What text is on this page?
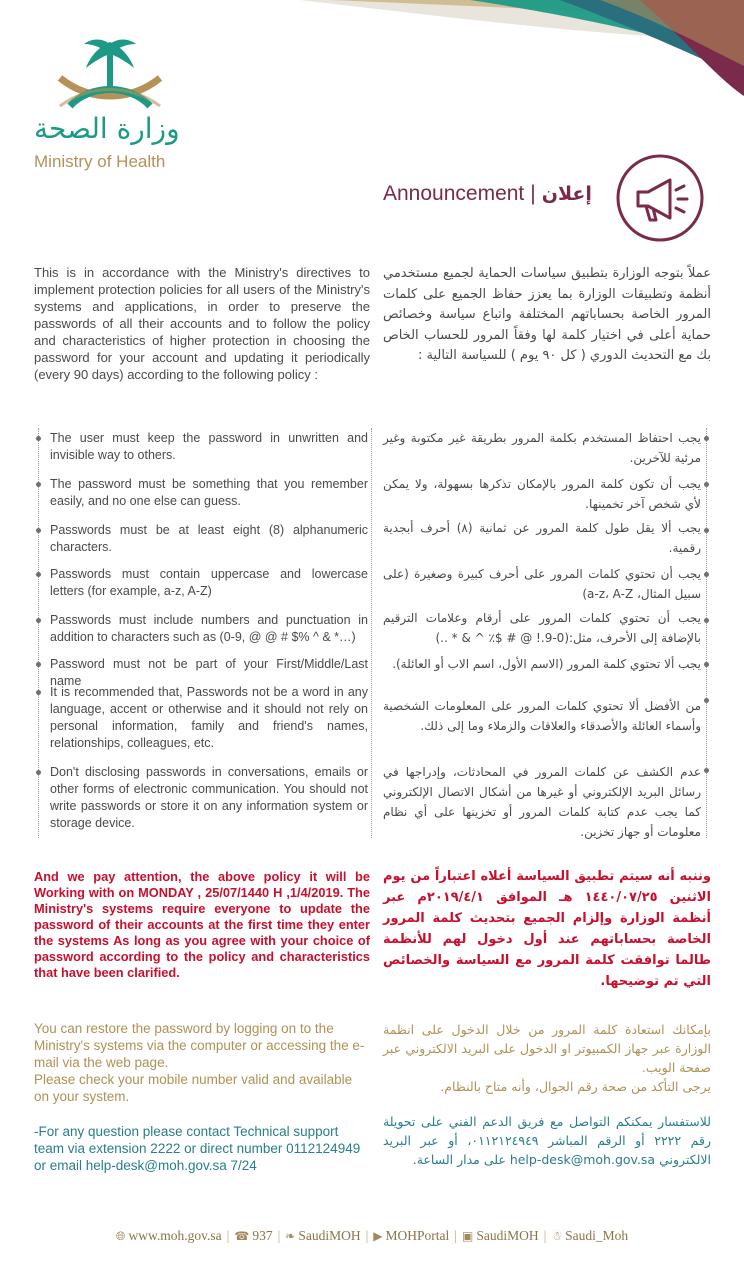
وزارة الصحة
Ministry of Health
Announcement | إعلان

This is in accordance with the Ministry's directives to implement protection policies for all users of the Ministry's systems and applications, in order to preserve the passwords of all their accounts and to follow the policy and characteristics of higher protection in choosing the password for your account and updating it periodically (every 90 days) according to the following policy :

عملاً بتوجه الوزارة بتطبيق سياسات الحماية لجميع مستخدمي أنظمة وتطبيقات الوزارة بما يعزز حفاظ الجميع على كلمات المرور الخاصة بحساباتهم المختلفة واتباع سياسة وخصائص حماية أعلى في اختيار كلمة لها وفقاً المرور للحساب الخاص بك مع التحديث الدوري ( كل ٩٠ يوم ) للسياسة التالية :

The user must keep the password in unwritten and invisible way to others.

يجب احتفاظ المستخدم بكلمة المرور بطريقة غير مكتوبة وغير مرئية للآخرين.

The password must be something that you remember easily, and no one else can guess.

يجب أن تكون كلمة المرور بالإمكان تذكرها بسهولة، ولا يمكن لأي شخص آخر تخمينها.

Passwords must be at least eight (8) alphanumeric characters.

يجب ألا يقل طول كلمة المرور عن ثمانية (٨) أحرف أبجدية رقمية.

Passwords must contain uppercase and lowercase letters (for example, a-z, A-Z)

يجب أن تحتوي كلمات المرور على أحرف كبيرة وصغيرة (على سبيل المثال، a-z، A-Z)

Passwords must include numbers and punctuation in addition to characters such as (0-9, @ @ # $% ^ & *…)

يجب أن تحتوي كلمات المرور على أرقام وعلامات الترقيم بالإضافة إلى الأحرف، مثل:(0-9.! @ # $٪ ^ & * ..)

Password must not be part of your First/Middle/Last name

يجب ألا تحتوي كلمة المرور (الاسم الأول، اسم الاب أو العائلة).

It is recommended that, Passwords not be a word in any language, accent or otherwise and it should not rely on personal information, family and friend's names, relationships, colleagues, etc.

من الأفضل ألا تحتوي كلمات المرور على المعلومات الشخصية وأسماء العائلة والأصدقاء والعلاقات والزملاء وما إلى ذلك.

Don't disclosing passwords in conversations, emails or other forms of electronic communication. You should not write passwords or store it on any information system or storage device.

عدم الكشف عن كلمات المرور في المحادثات، وإدراجها في رسائل البريد الإلكتروني أو غيرها من أشكال الاتصال الإلكتروني كما يجب عدم كتابة كلمات المرور أو تخزينها على أي نظام معلومات أو جهاز تخزين.

And we pay attention, the above policy it will be Working with on MONDAY , 25/07/1440 H ,1/4/2019. The Ministry's systems require everyone to update the password of their accounts at the first time they enter the systems As long as you agree with your choice of password according to the policy and characteristics that have been clarified.

وننبه أنه سيتم تطبيق السياسة أعلاه اعتباراً من يوم الاثنين ١٤٤٠/٠٧/٢٥ هـ الموافق ٢٠١٩/٤/١م عبر أنظمة الوزارة وإلزام الجميع بتحديث كلمة المرور الخاصة بحساباتهم عند أول دخول لهم للأنظمة طالما توافقت كلمة المرور مع السياسة والخصائص التي تم توضيحها.

You can restore the password by logging on to the Ministry's systems via the computer or accessing the e-mail via the web page.

Please check your mobile number valid and available on your system.

بإمكانك استعادة كلمة المرور من خلال الدخول على انظمة الوزارة عبر جهاز الكمبيوتر او الدخول على البريد الالكتروني عبر صفحة الويب.

يرجى التأكد من صحة رقم الجوال، وأنه متاح بالنظام.

-For any question please contact Technical support team via extension 2222 or direct number 0112124949 or email help-desk@moh.gov.sa 7/24

للاستفسار يمكنكم التواصل مع فريق الدعم الفني على تحويلة رقم ٢٢٢٢ أو الرقم المباشر ٠١١٢١٢٤٩٤٩، أو عبر البريد الالكتروني help-desk@moh.gov.sa على مدار الساعة.

🌐︎ www.moh.gov.sa | ☎ 937 | ❧ SaudiMOH | ▶ MOHPortal | ▣ SaudiMOH | ☃ Saudi_Moh
